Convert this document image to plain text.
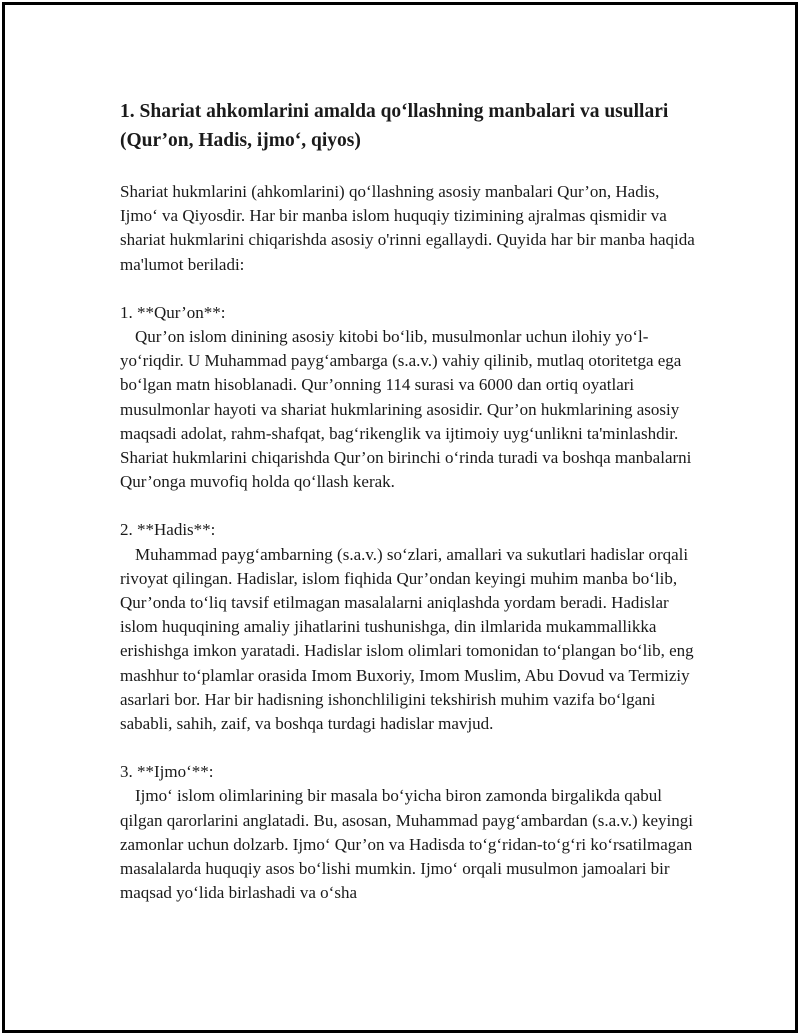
1. Shariat ahkomlarini amalda qo‘llashning manbalari va usullari (Qur’on, Hadis, ijmo‘, qiyos)

Shariat hukmlarini (ahkomlarini) qo‘llashning asosiy manbalari Qur’on, Hadis, Ijmo‘ va Qiyosdir. Har bir manba islom huquqiy tizimining ajralmas qismidir va shariat hukmlarini chiqarishda asosiy o'rinni egallaydi. Quyida har bir manba haqida ma'lumot beriladi:

1. **Qur’on**:

Qur’on islom dinining asosiy kitobi bo‘lib, musulmonlar uchun ilohiy yo‘l-yo‘riqdir. U Muhammad payg‘ambarga (s.a.v.) vahiy qilinib, mutlaq otoritetga ega bo‘lgan matn hisoblanadi. Qur’onning 114 surasi va 6000 dan ortiq oyatlari musulmonlar hayoti va shariat hukmlarining asosidir. Qur’on hukmlarining asosiy maqsadi adolat, rahm-shafqat, bag‘rikenglik va ijtimoiy uyg‘unlikni ta'minlashdir. Shariat hukmlarini chiqarishda Qur’on birinchi o‘rinda turadi va boshqa manbalarni Qur’onga muvofiq holda qo‘llash kerak.

2. **Hadis**:

Muhammad payg‘ambarning (s.a.v.) so‘zlari, amallari va sukutlari hadislar orqali rivoyat qilingan. Hadislar, islom fiqhida Qur’ondan keyingi muhim manba bo‘lib, Qur’onda to‘liq tavsif etilmagan masalalarni aniqlashda yordam beradi. Hadislar islom huquqining amaliy jihatlarini tushunishga, din ilmlarida mukammallikka erishishga imkon yaratadi. Hadislar islom olimlari tomonidan to‘plangan bo‘lib, eng mashhur to‘plamlar orasida Imom Buxoriy, Imom Muslim, Abu Dovud va Termiziy asarlari bor. Har bir hadisning ishonchliligini tekshirish muhim vazifa bo‘lgani sababli, sahih, zaif, va boshqa turdagi hadislar mavjud.

3. **Ijmo‘**:

Ijmo‘ islom olimlarining bir masala bo‘yicha biron zamonda birgalikda qabul qilgan qarorlarini anglatadi. Bu, asosan, Muhammad payg‘ambardan (s.a.v.) keyingi zamonlar uchun dolzarb. Ijmo‘ Qur’on va Hadisda to‘g‘ridan-to‘g‘ri ko‘rsatilmagan masalalarda huquqiy asos bo‘lishi mumkin. Ijmo‘ orqali musulmon jamoalari bir maqsad yo‘lida birlashadi va o‘sha
